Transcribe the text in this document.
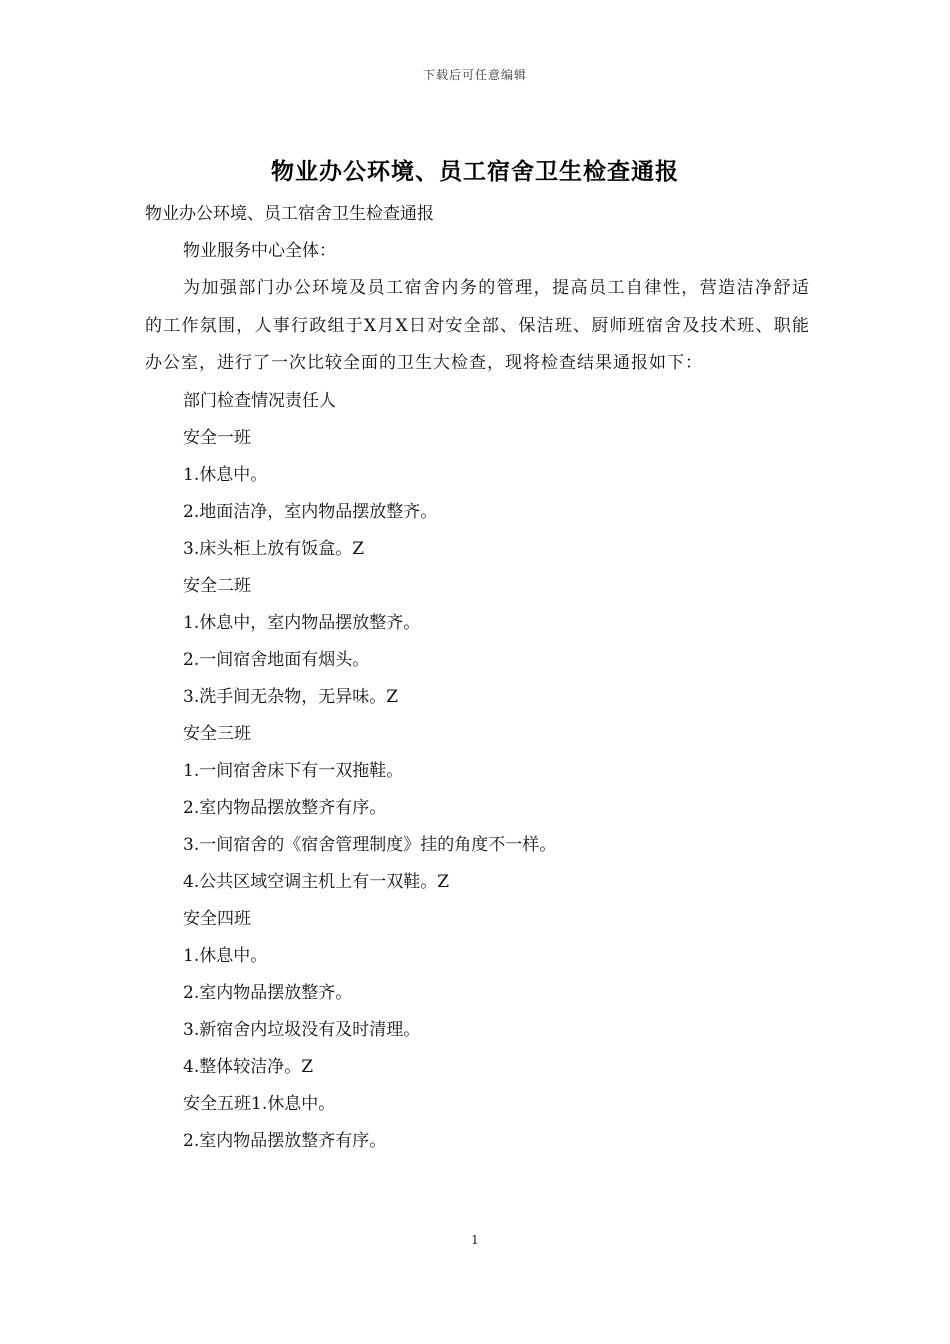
下载后可任意编辑
物业办公环境、员工宿舍卫生检查通报

物业办公环境、员工宿舍卫生检查通报

物业服务中心全体：

为加强部门办公环境及员工宿舍内务的管理，提高员工自律性，营造洁净舒适的工作氛围，人事行政组于X月X日对安全部、保洁班、厨师班宿舍及技术班、职能办公室，进行了一次比较全面的卫生大检查，现将检查结果通报如下：

部门检查情况责任人

安全一班

1.休息中。

2.地面洁净，室内物品摆放整齐。

3.床头柜上放有饭盒。Z

安全二班

1.休息中，室内物品摆放整齐。

2.一间宿舍地面有烟头。

3.洗手间无杂物，无异味。Z

安全三班

1.一间宿舍床下有一双拖鞋。

2.室内物品摆放整齐有序。

3.一间宿舍的《宿舍管理制度》挂的角度不一样。

4.公共区域空调主机上有一双鞋。Z

安全四班

1.休息中。

2.室内物品摆放整齐。

3.新宿舍内垃圾没有及时清理。

4.整体较洁净。Z

安全五班1.休息中。

2.室内物品摆放整齐有序。

1
